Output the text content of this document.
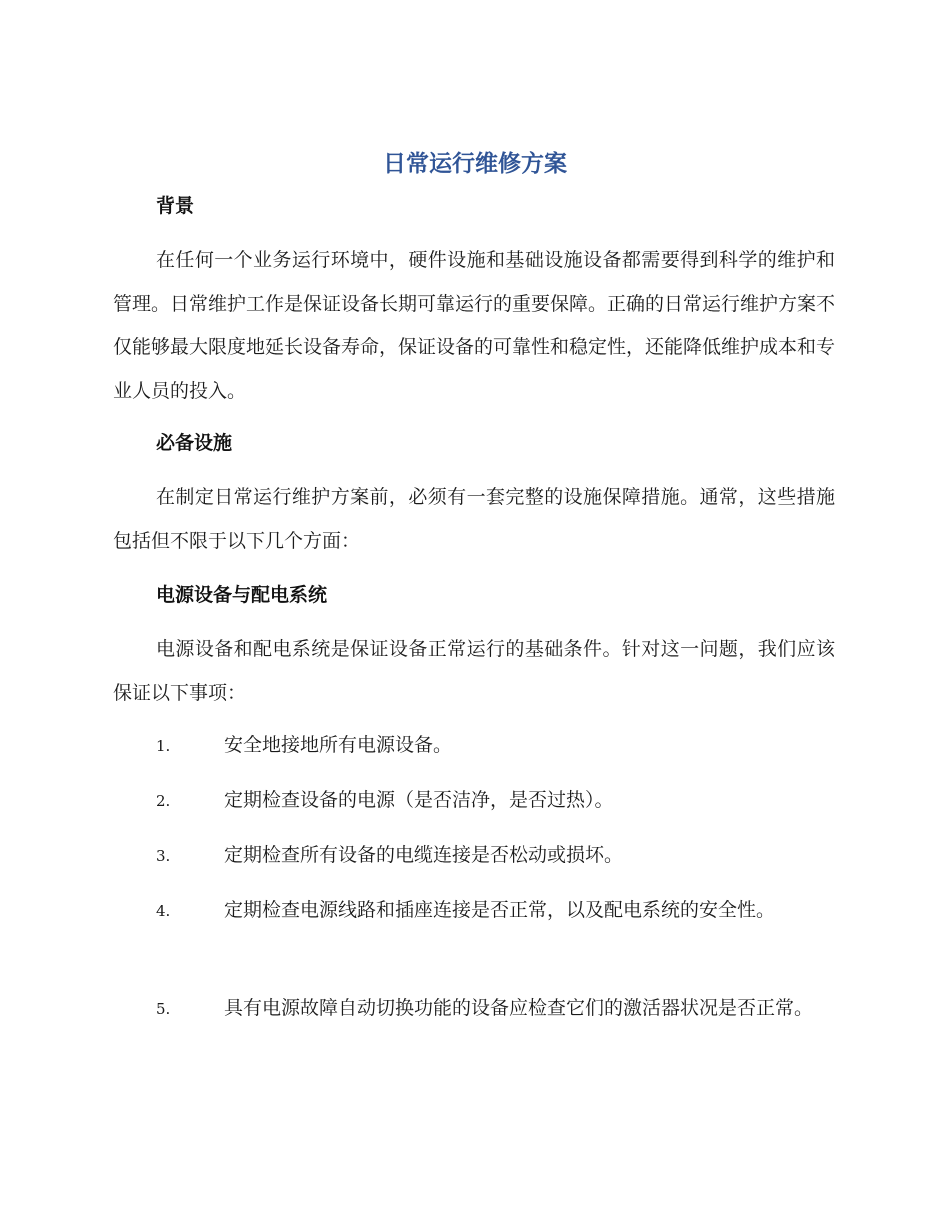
日常运行维修方案
背景
在任何一个业务运行环境中，硬件设施和基础设施设备都需要得到科学的维护和管理。日常维护工作是保证设备长期可靠运行的重要保障。正确的日常运行维护方案不仅能够最大限度地延长设备寿命，保证设备的可靠性和稳定性，还能降低维护成本和专业人员的投入。
必备设施
在制定日常运行维护方案前，必须有一套完整的设施保障措施。通常，这些措施包括但不限于以下几个方面：
电源设备与配电系统
电源设备和配电系统是保证设备正常运行的基础条件。针对这一问题，我们应该保证以下事项：
1.	安全地接地所有电源设备。
2.	定期检查设备的电源（是否洁净，是否过热）。
3.	定期检查所有设备的电缆连接是否松动或损坏。
4.	定期检查电源线路和插座连接是否正常，以及配电系统的安全性。
5.	具有电源故障自动切换功能的设备应检查它们的激活器状况是否正常。
